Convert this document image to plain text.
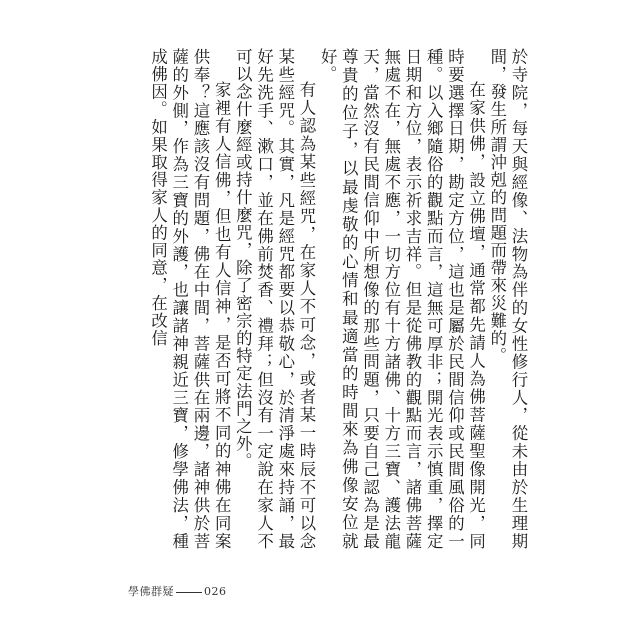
於寺院，每天與經像、法物為伴的女性修行人，從未由於生理期間，發生所謂沖剋的問題而帶來災難的。

在家供佛，設立佛壇，通常都先請人為佛菩薩聖像開光，同時要選擇日期，勘定方位，這也是屬於民間信仰或民間風俗的一種。以入鄉隨俗的觀點而言，這無可厚非；開光表示慎重，擇定日期和方位，表示祈求吉祥。但是從佛教的觀點而言，諸佛菩薩無處不在，無處不應，一切方位有十方諸佛、十方三寶、護法龍天，當然沒有民間信仰中所想像的那些問題，只要自己認為是最尊貴的位子，以最虔敬的心情和最適當的時間來為佛像安位就好。

有人認為某些經咒，在家人不可念，或者某一時辰不可以念某些經咒。其實，凡是經咒都要以恭敬心，於清淨處來持誦，最好先洗手、漱口，並在佛前焚香、禮拜；但沒有一定說在家人不可以念什麼經或持什麼咒，除了密宗的特定法門之外。

家裡有人信佛，但也有人信神，是否可將不同的神佛在同案供奉？這應該沒有問題，佛在中間，菩薩供在兩邊，諸神供於菩薩的外側，作為三寶的外護，也讓諸神親近三寶，修學佛法，種成佛因。如果取得家人的同意，在改信

學佛群疑	026
